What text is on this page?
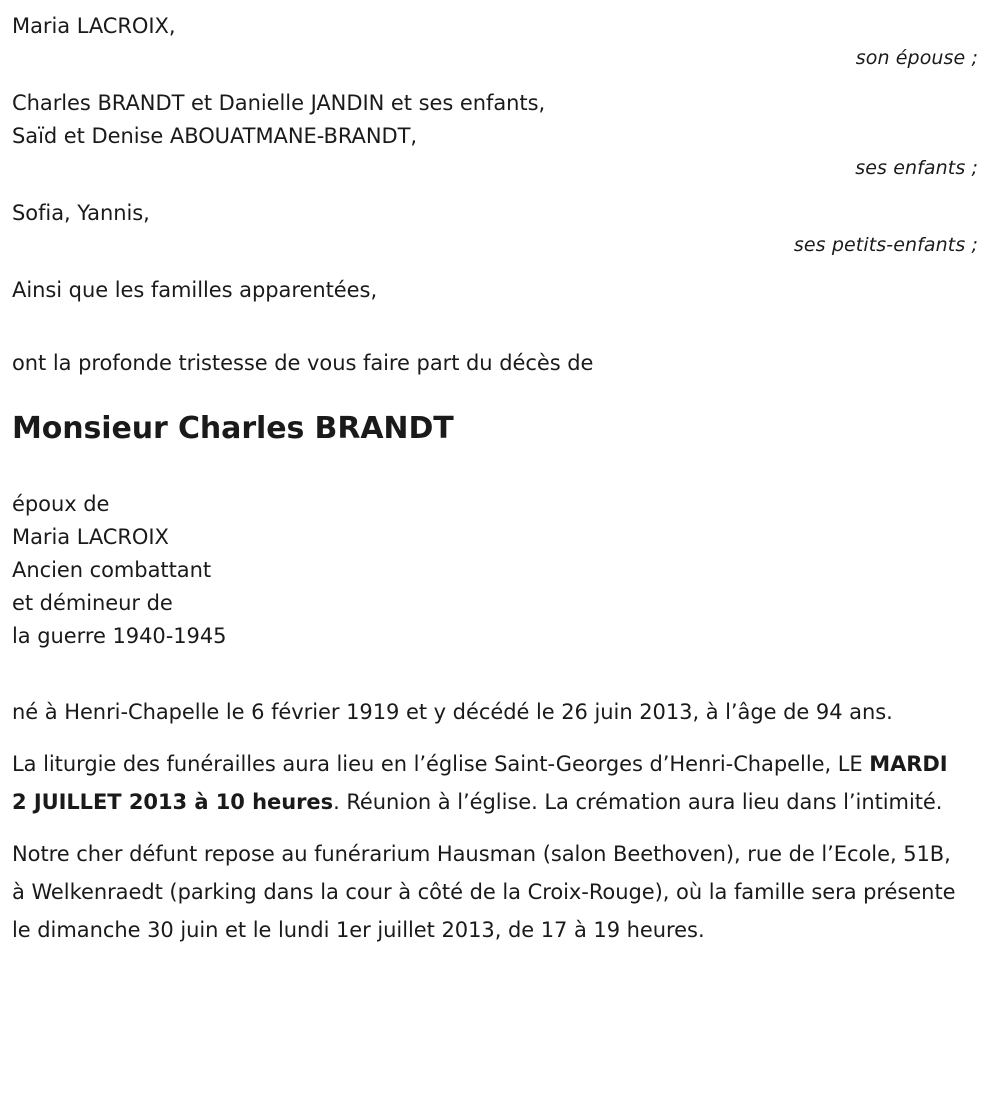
Maria LACROIX,
son épouse ;
Charles BRANDT et Danielle JANDIN et ses enfants,
Saïd et Denise ABOUATMANE-BRANDT,
ses enfants ;
Sofia, Yannis,
ses petits-enfants ;
Ainsi que les familles apparentées,
ont la profonde tristesse de vous faire part du décès de
Monsieur Charles BRANDT
époux de
Maria LACROIX
Ancien combattant
et démineur de
la guerre 1940-1945
né à Henri-Chapelle le 6 février 1919 et y décédé le 26 juin 2013, à l’âge de 94 ans.
La liturgie des funérailles aura lieu en l’église Saint-Georges d’Henri-Chapelle, LE MARDI 2 JUILLET 2013 à 10 heures. Réunion à l’église. La crémation aura lieu dans l’intimité.
Notre cher défunt repose au funérarium Hausman (salon Beethoven), rue de l’Ecole, 51B, à Welkenraedt (parking dans la cour à côté de la Croix-Rouge), où la famille sera présente le dimanche 30 juin et le lundi 1er juillet 2013, de 17 à 19 heures.
